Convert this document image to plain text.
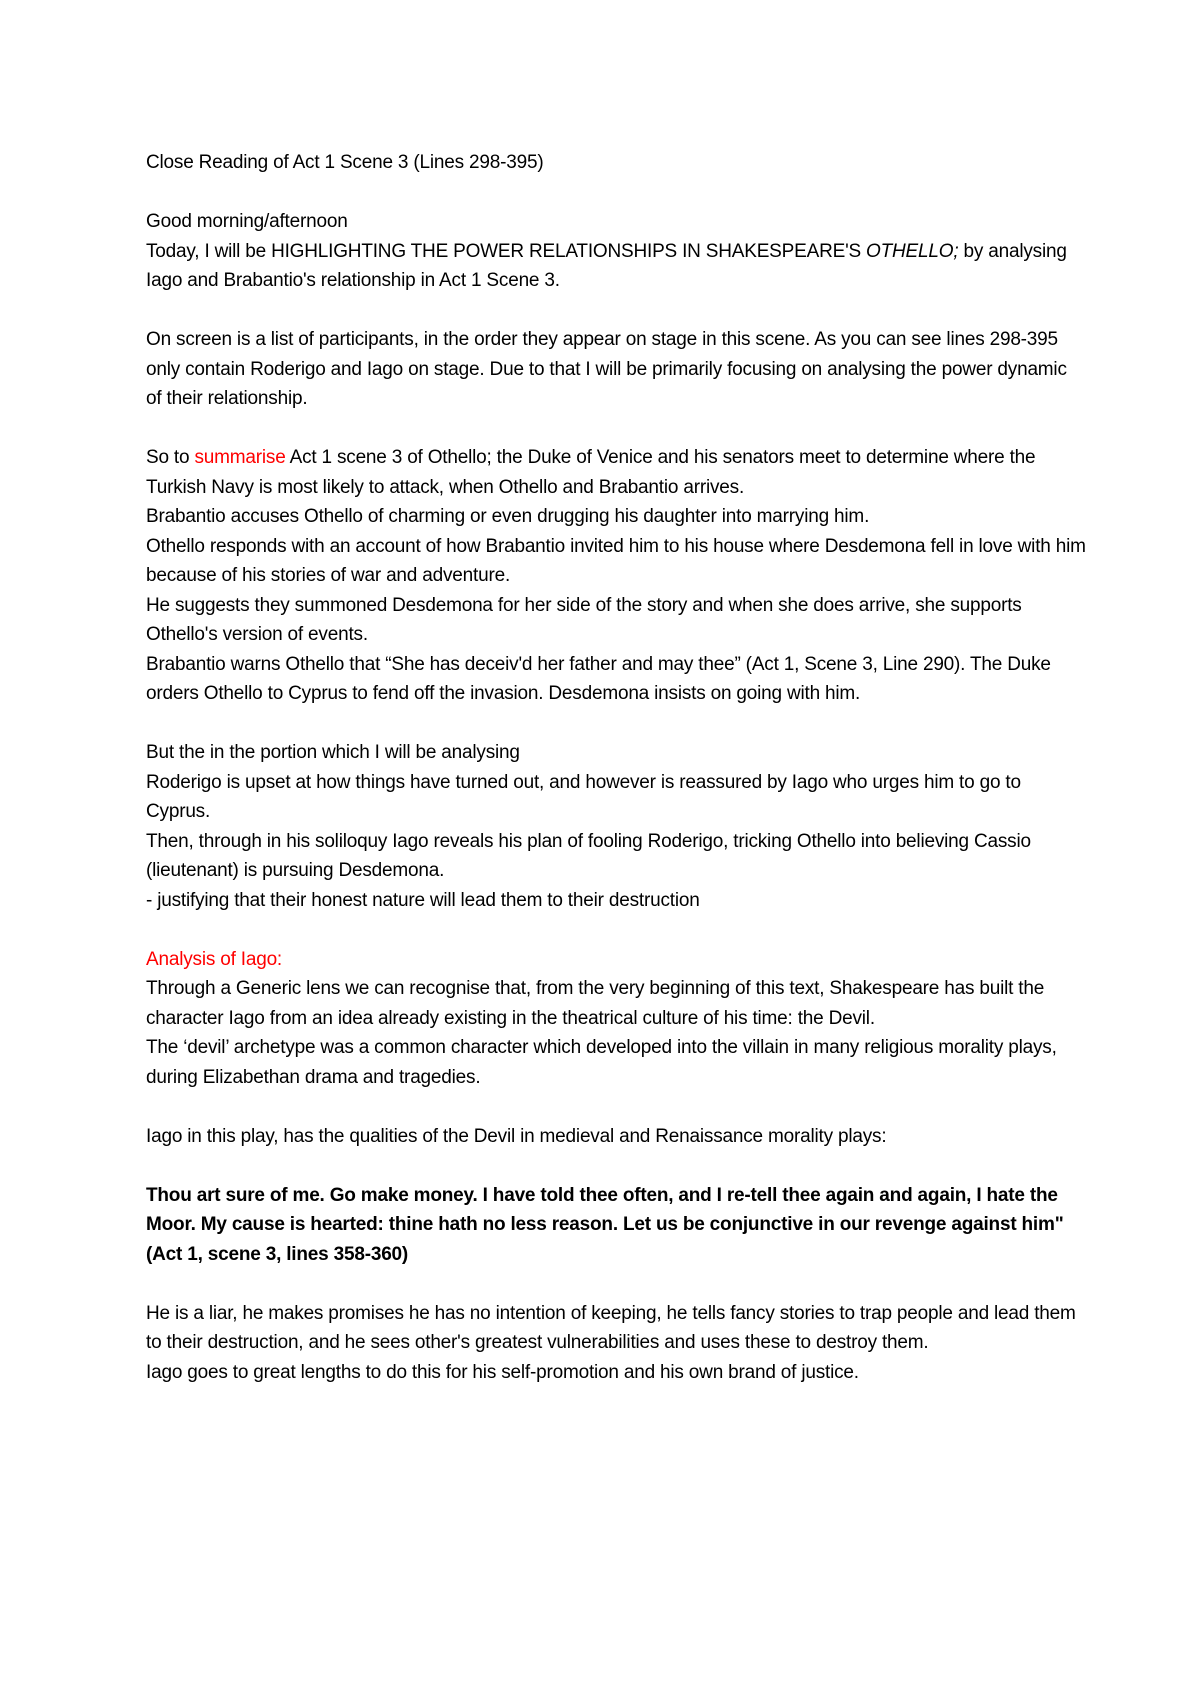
Close Reading of Act 1 Scene 3 (Lines 298-395)

Good morning/afternoon

Today, I will be HIGHLIGHTING THE POWER RELATIONSHIPS IN SHAKESPEARE'S OTHELLO; by analysing Iago and Brabantio's relationship in Act 1 Scene 3.

On screen is a list of participants, in the order they appear on stage in this scene. As you can see lines 298-395 only contain Roderigo and Iago on stage. Due to that I will be primarily focusing on analysing the power dynamic of their relationship.

So to summarise Act 1 scene 3 of Othello; the Duke of Venice and his senators meet to determine where the Turkish Navy is most likely to attack, when Othello and Brabantio arrives.

Brabantio accuses Othello of charming or even drugging his daughter into marrying him.

Othello responds with an account of how Brabantio invited him to his house where Desdemona fell in love with him because of his stories of war and adventure.

He suggests they summoned Desdemona for her side of the story and when she does arrive, she supports Othello's version of events.

Brabantio warns Othello that “She has deceiv'd her father and may thee” (Act 1, Scene 3, Line 290). The Duke orders Othello to Cyprus to fend off the invasion. Desdemona insists on going with him.

But the in the portion which I will be analysing

Roderigo is upset at how things have turned out, and however is reassured by Iago who urges him to go to Cyprus.

Then, through in his soliloquy Iago reveals his plan of fooling Roderigo, tricking Othello into believing Cassio (lieutenant) is pursuing Desdemona.

- justifying that their honest nature will lead them to their destruction

Analysis of Iago:

Through a Generic lens we can recognise that, from the very beginning of this text, Shakespeare has built the character Iago from an idea already existing in the theatrical culture of his time: the Devil.

The ‘devil’ archetype was a common character which developed into the villain in many religious morality plays, during Elizabethan drama and tragedies.

Iago in this play, has the qualities of the Devil in medieval and Renaissance morality plays:

Thou art sure of me. Go make money. I have told thee often, and I re-tell thee again and again, I hate the Moor. My cause is hearted: thine hath no less reason. Let us be conjunctive in our revenge against him" (Act 1, scene 3, lines 358-360)

He is a liar, he makes promises he has no intention of keeping, he tells fancy stories to trap people and lead them to their destruction, and he sees other's greatest vulnerabilities and uses these to destroy them.

Iago goes to great lengths to do this for his self-promotion and his own brand of justice.
